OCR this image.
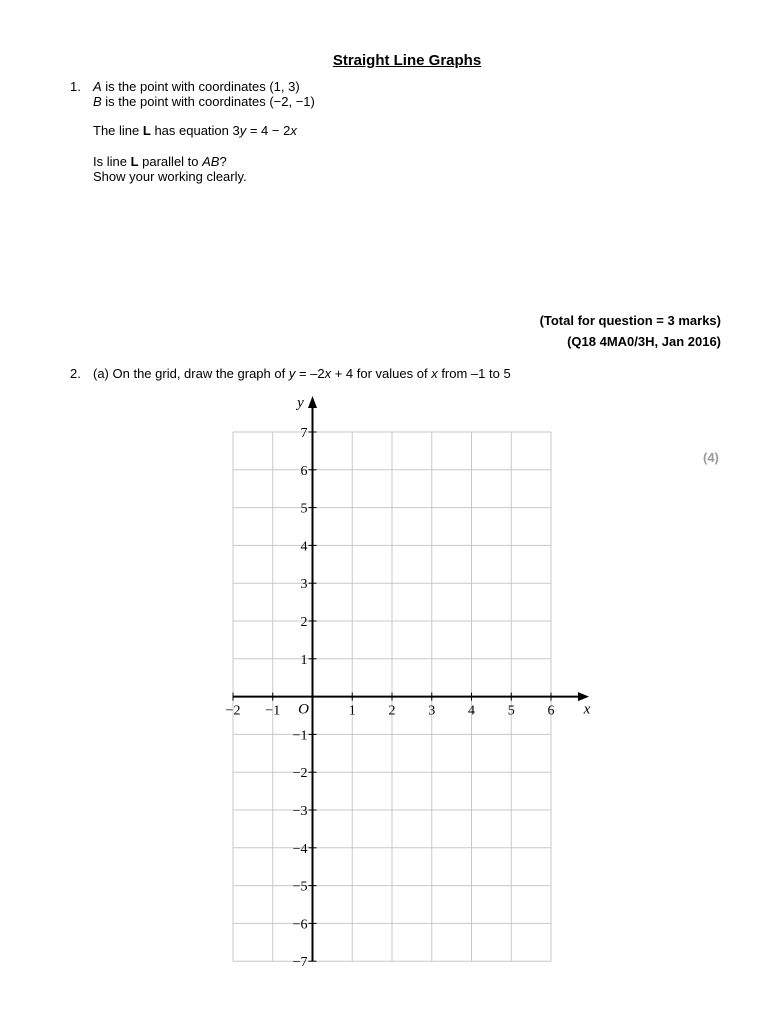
Straight Line Graphs
1. A is the point with coordinates (1, 3)
B is the point with coordinates (−2, −1)
The line L has equation 3y = 4 − 2x
Is line L parallel to AB?
Show your working clearly.
(Total for question = 3 marks)
(Q18 4MA0/3H, Jan 2016)
2. (a) On the grid, draw the graph of y = –2x + 4 for values of x from –1 to 5
(4)
−2 −1	1 2 3 4 5 6
7
6
5
4
3
2
1
−1
−2
−3
−4
−5
−6
−7
O	x
y
